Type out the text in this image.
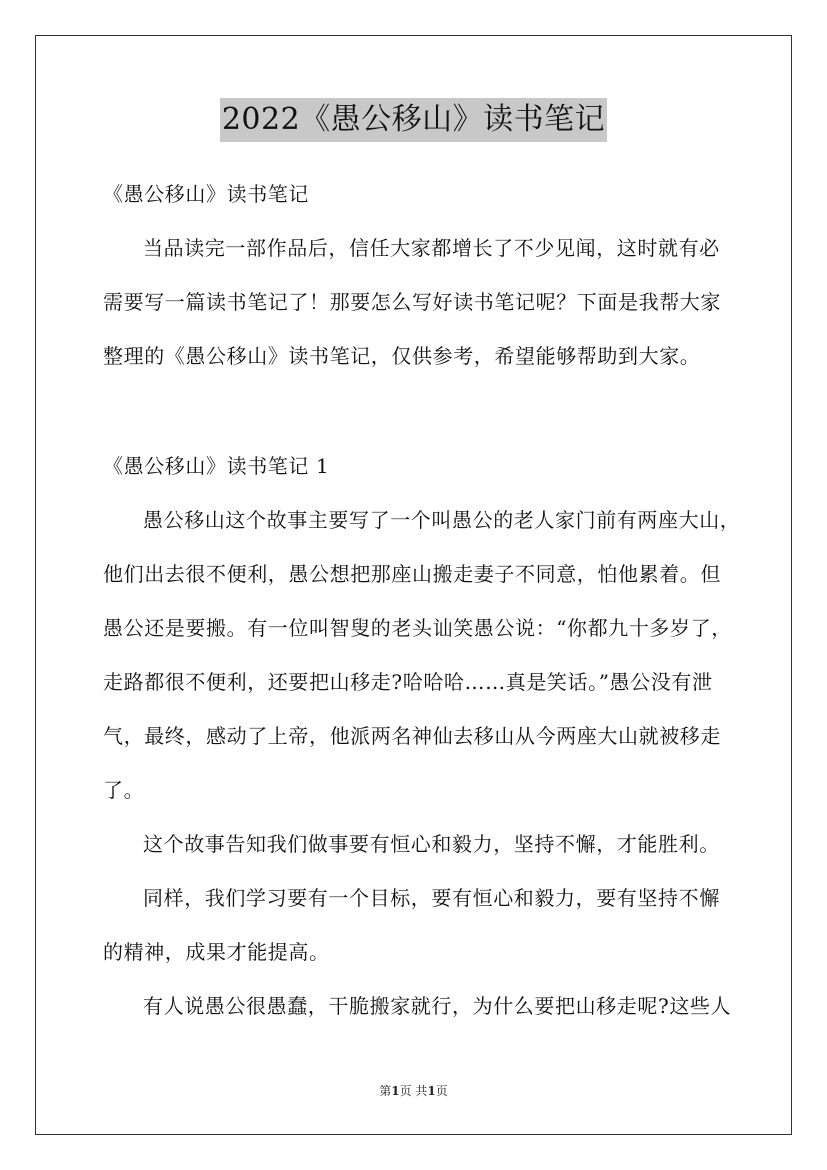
2022《愚公移山》读书笔记
《愚公移山》读书笔记
当品读完一部作品后，信任大家都增长了不少见闻，这时就有必
需要写一篇读书笔记了！那要怎么写好读书笔记呢？下面是我帮大家
整理的《愚公移山》读书笔记，仅供参考，希望能够帮助到大家。
《愚公移山》读书笔记 1
愚公移山这个故事主要写了一个叫愚公的老人家门前有两座大山，
他们出去很不便利，愚公想把那座山搬走妻子不同意，怕他累着。但
愚公还是要搬。有一位叫智叟的老头讪笑愚公说：“你都九十多岁了，
走路都很不便利，还要把山移走?哈哈哈……真是笑话。”愚公没有泄
气，最终，感动了上帝，他派两名神仙去移山从今两座大山就被移走
了。
这个故事告知我们做事要有恒心和毅力，坚持不懈，才能胜利。
同样，我们学习要有一个目标，要有恒心和毅力，要有坚持不懈
的精神，成果才能提高。
有人说愚公很愚蠢，干脆搬家就行，为什么要把山移走呢?这些人
第1页 共1页
